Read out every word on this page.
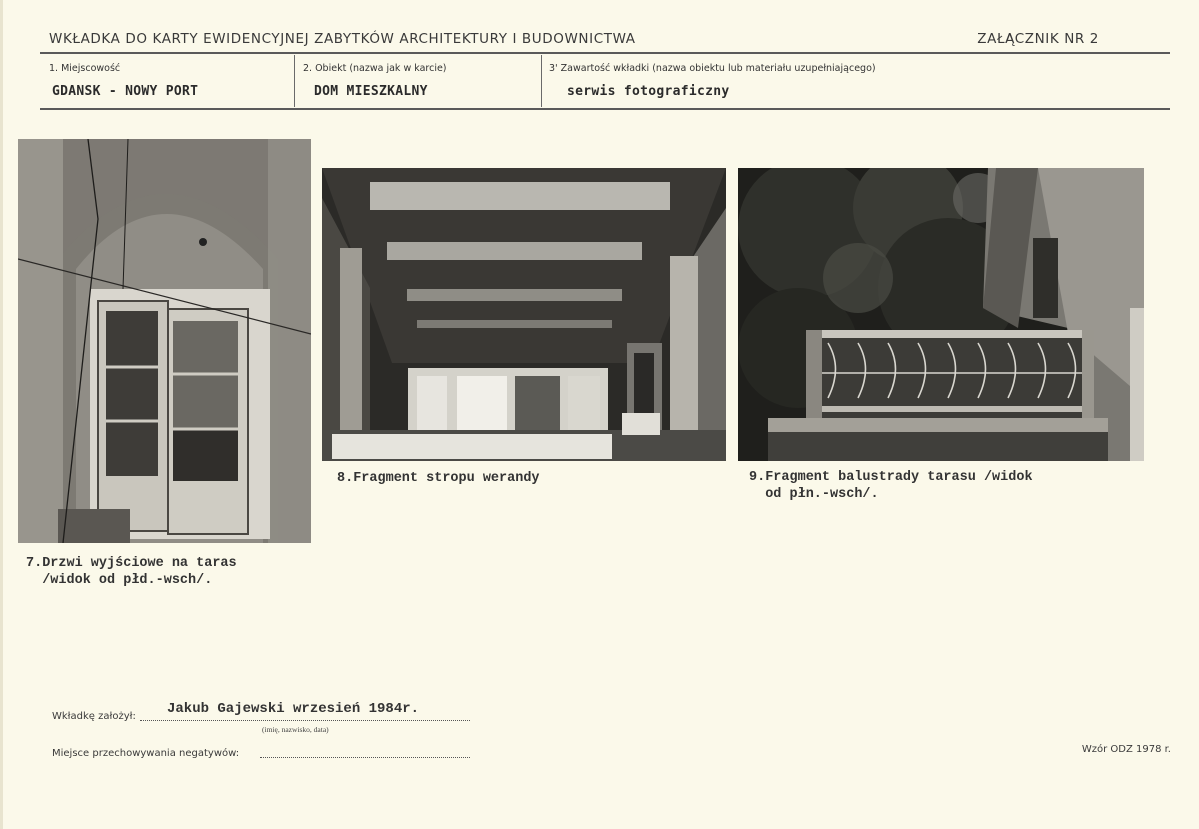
WKŁADKA DO KARTY EWIDENCYJNEJ ZABYTKÓW ARCHITEKTURY I BUDOWNICTWA	ZAŁĄCZNIK NR 2
1. Miejscowość
GDANSK - NOWY PORT
2. Obiekt (nazwa jak w karcie)
DOM MIESZKALNY
3' Zawartość wkładki (nazwa obiektu lub materiału uzupełniającego)
serwis fotograficzny
7.Drzwi wyjściowe na taras
/widok od płd.-wsch/.
8.Fragment stropu werandy	9.Fragment balustrady tarasu /widok
od płn.-wsch/.
Wkładkę założył: Jakub Gajewski wrzesień 1984r.
(imię, nazwisko, data)
Miejsce przechowywania negatywów:	Wzór ODZ 1978 r.
